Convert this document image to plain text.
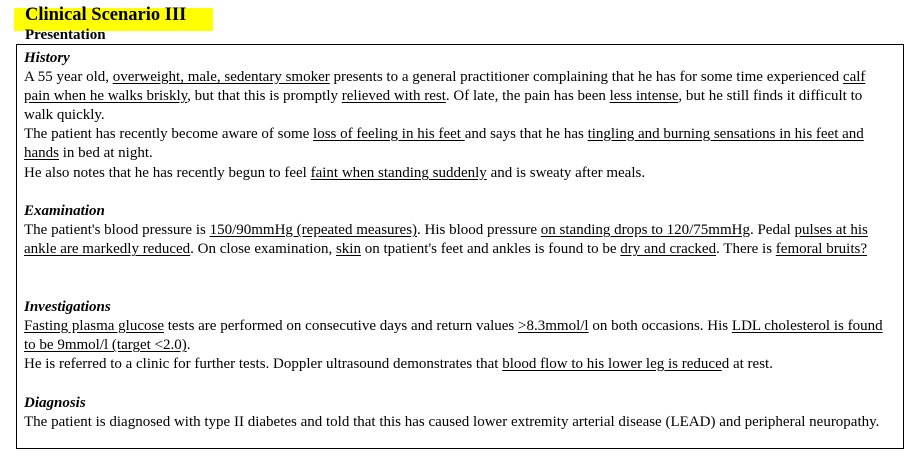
Clinical Scenario III
Presentation
History
A 55 year old, overweight, male, sedentary smoker presents to a general practitioner complaining that he has for some time experienced calf pain when he walks briskly, but that this is promptly relieved with rest. Of late, the pain has been less intense, but he still finds it difficult to walk quickly.
The patient has recently become aware of some loss of feeling in his feet and says that he has tingling and burning sensations in his feet and hands in bed at night.
He also notes that he has recently begun to feel faint when standing suddenly and is sweaty after meals.
Examination
The patient's blood pressure is 150/90mmHg (repeated measures). His blood pressure on standing drops to 120/75mmHg. Pedal pulses at his ankle are markedly reduced. On close examination, skin on tpatient's feet and ankles is found to be dry and cracked. There is femoral bruits?
Investigations
Fasting plasma glucose tests are performed on consecutive days and return values >8.3mmol/l on both occasions. His LDL cholesterol is found to be 9mmol/l (target <2.0).
He is referred to a clinic for further tests. Doppler ultrasound demonstrates that blood flow to his lower leg is reduced at rest.
Diagnosis
The patient is diagnosed with type II diabetes and told that this has caused lower extremity arterial disease (LEAD) and peripheral neuropathy.
